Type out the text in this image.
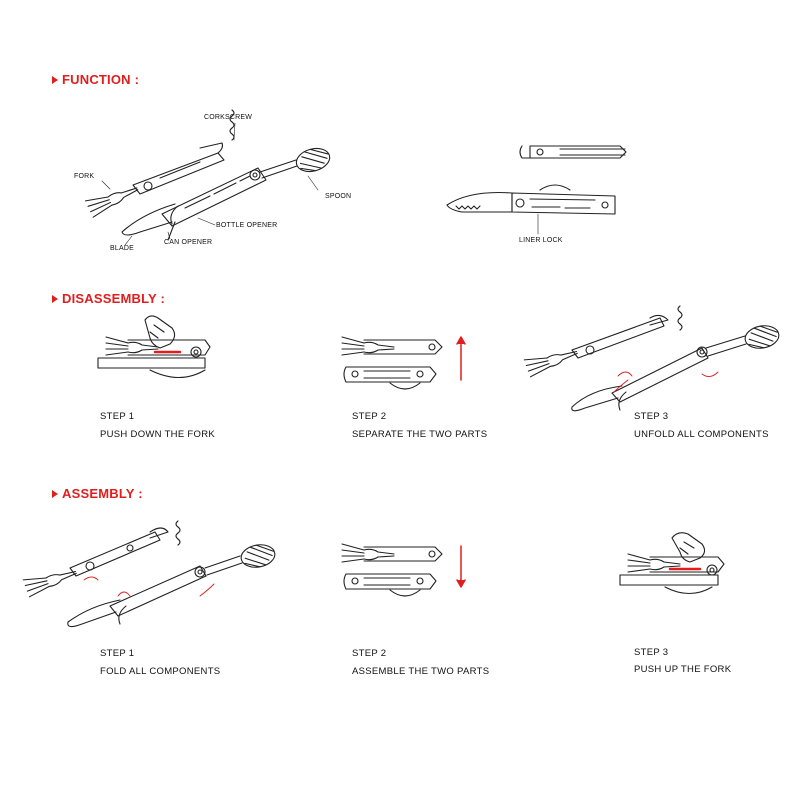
FUNCTION :
DISASSEMBLY :
ASSEMBLY :
CORKSCREW
FORK
SPOON
BOTTLE OPENER
CAN OPENER
BLADE
LINER LOCK
STEP 1
PUSH DOWN THE FORK
STEP 2
SEPARATE THE TWO PARTS
STEP 3
UNFOLD ALL COMPONENTS
STEP 1
FOLD ALL COMPONENTS
STEP 2
ASSEMBLE THE TWO PARTS
STEP 3
PUSH UP THE FORK
